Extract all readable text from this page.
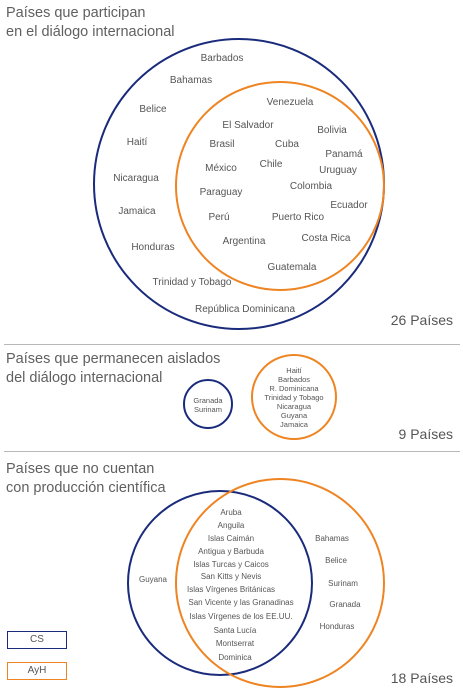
Países que participan
en el diálogo internacional
26 Países
Barbados
Bahamas
Belice
Haití
Nicaragua
Jamaica
Honduras
Trinidad y Tobago
República Dominicana
Venezuela
El Salvador	Bolivia
Brasil	Cuba
Panamá
Chile
México	Uruguay
Colombia
Paraguay
Ecuador
Perú	Puerto Rico
Costa Rica
Argentina
Guatemala
Países que permanecen aislados
del diálogo internacional
9 Países
Granada
Surinam
Haití
Barbados
R. Dominicana
Trinidad y Tobago
Nicaragua
Guyana
Jamaica
Países que no cuentan
con producción científica
18 Países
Guyana
Aruba
Anguila
Islas Caimán
Antigua y Barbuda
Islas Turcas y Caicos
San Kitts y Nevis
Islas Vírgenes Británicas
San Vicente y las Granadinas
Islas Vírgenes de los EE.UU.
Santa Lucía
Montserrat
Dominica
Bahamas
Belice
Surinam
Granada
Honduras
CS
AyH
